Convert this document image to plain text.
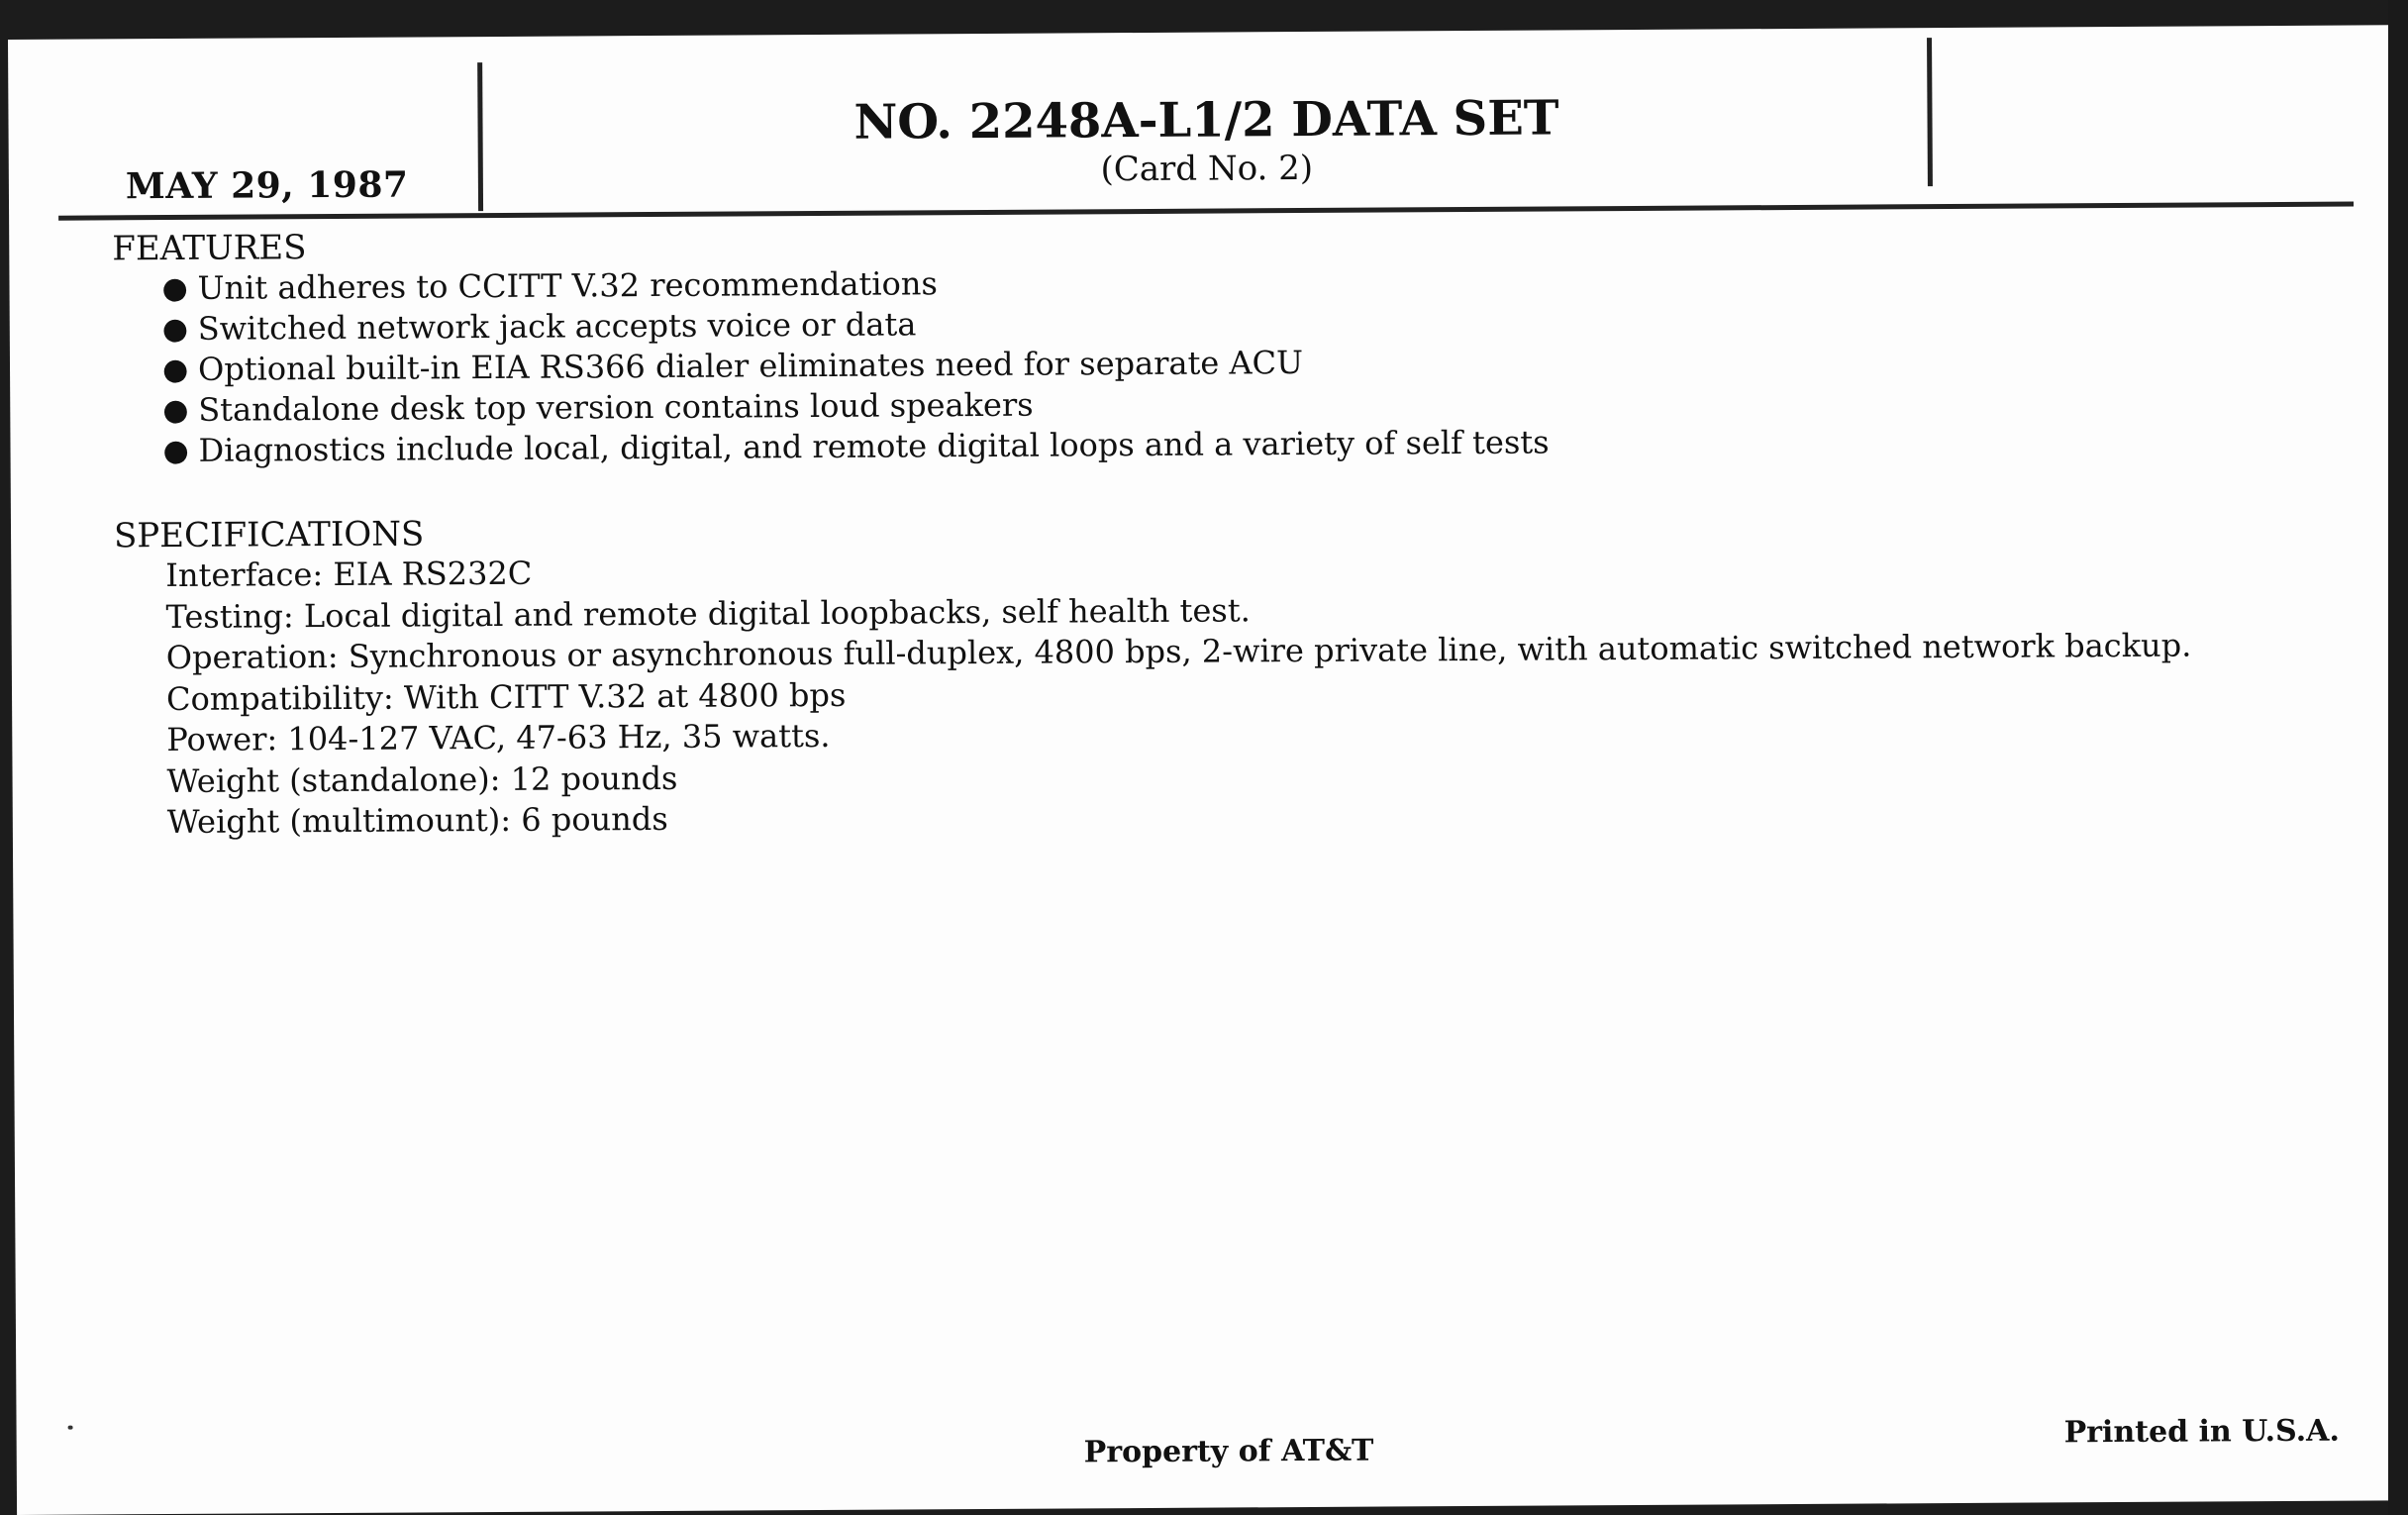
MAY 29, 1987
NO. 2248A-L1/2 DATA SET
(Card No. 2)
FEATURES
● Unit adheres to CCITT V.32 recommendations
● Switched network jack accepts voice or data
● Optional built-in EIA RS366 dialer eliminates need for separate ACU
● Standalone desk top version contains loud speakers
● Diagnostics include local, digital, and remote digital loops and a variety of self tests
SPECIFICATIONS
Interface: EIA RS232C
Testing: Local digital and remote digital loopbacks, self health test.
Operation: Synchronous or asynchronous full-duplex, 4800 bps, 2-wire private line, with automatic switched network backup.
Compatibility: With CITT V.32 at 4800 bps
Power: 104-127 VAC, 47-63 Hz, 35 watts.
Weight (standalone): 12 pounds
Weight (multimount): 6 pounds
Property of AT&T
Printed in U.S.A.
